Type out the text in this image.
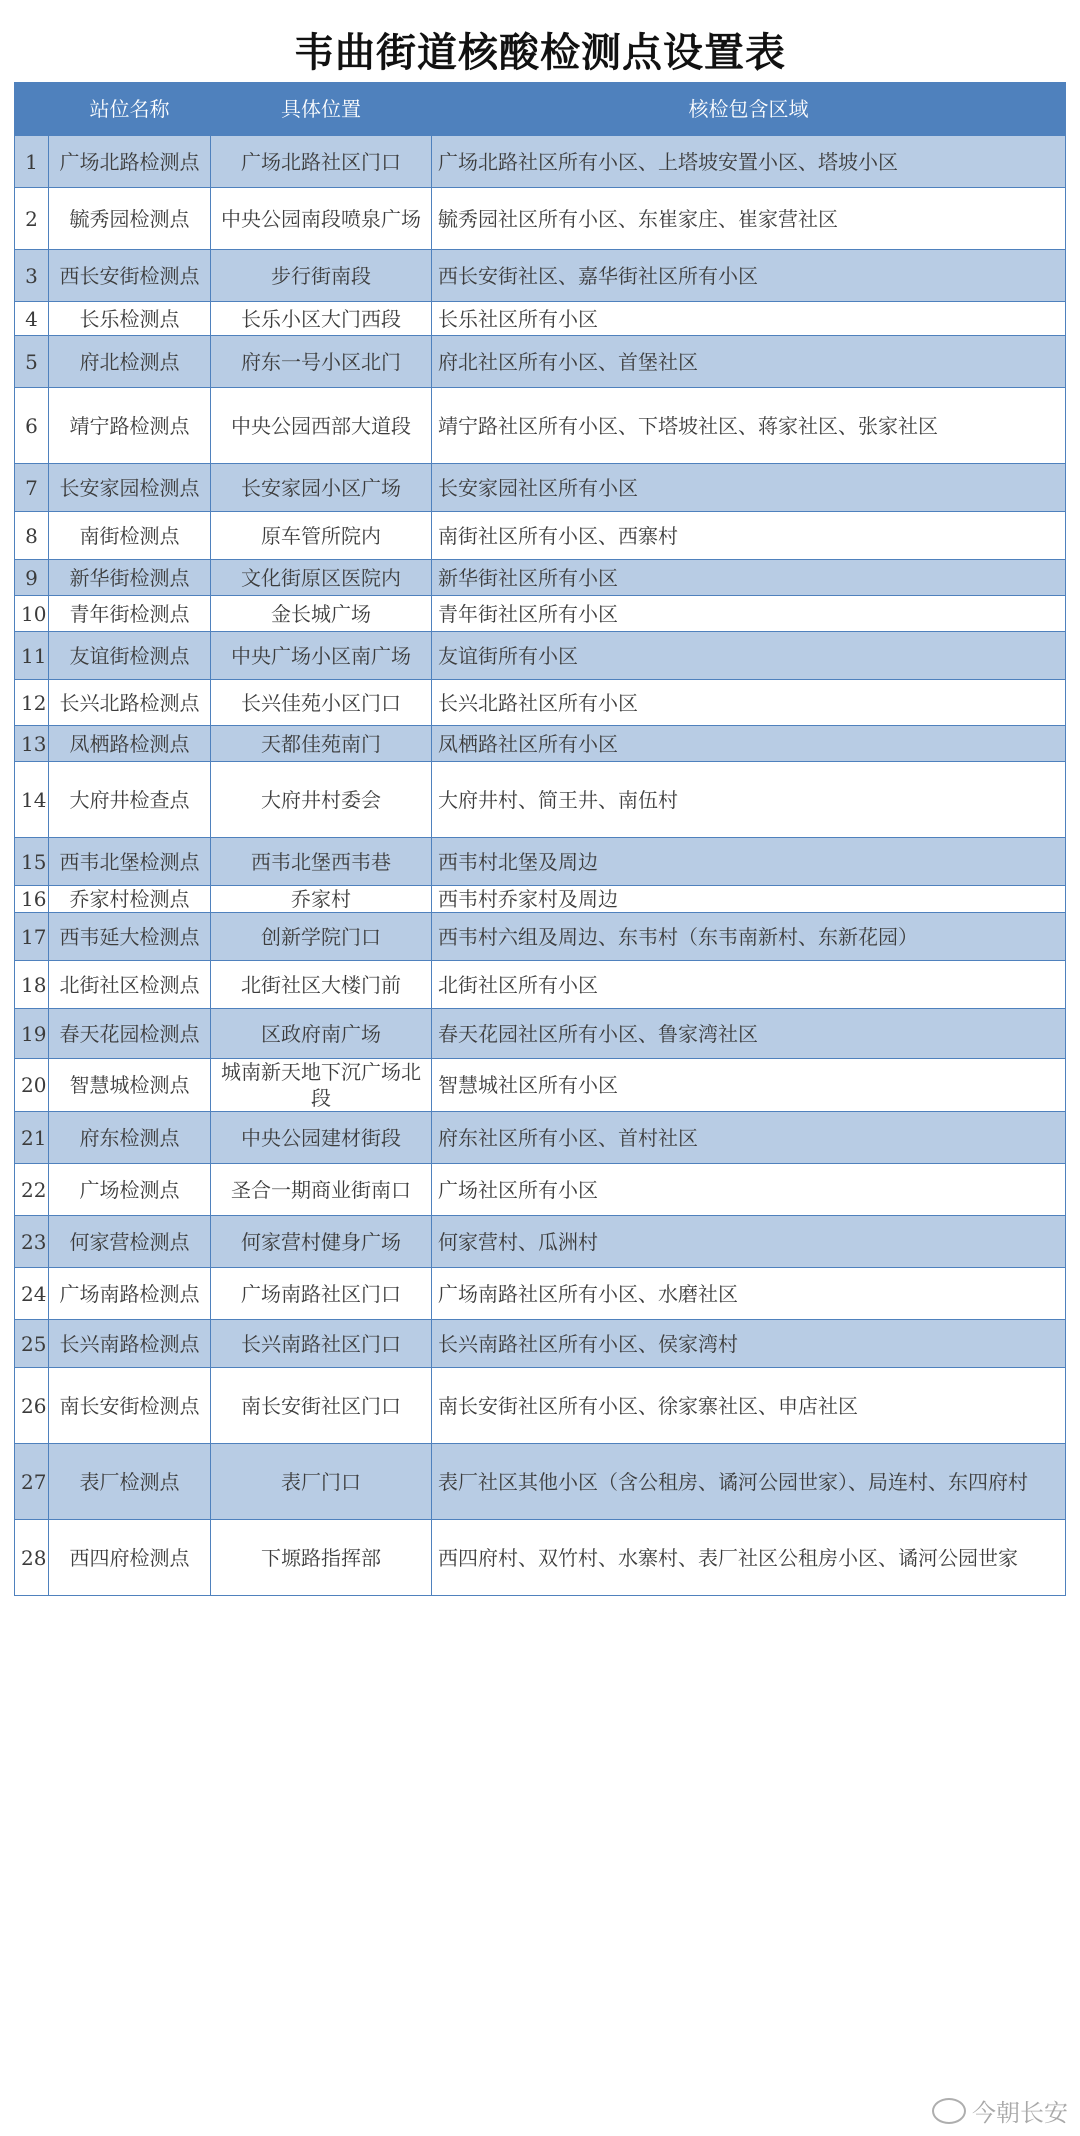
韦曲街道核酸检测点设置表
	站位名称	具体位置	核检包含区域
1	广场北路检测点	广场北路社区门口	广场北路社区所有小区、上塔坡安置小区、塔坡小区
2	毓秀园检测点	中央公园南段喷泉广场	毓秀园社区所有小区、东崔家庄、崔家营社区
3	西长安街检测点	步行街南段	西长安街社区、嘉华街社区所有小区
4	长乐检测点	长乐小区大门西段	长乐社区所有小区
5	府北检测点	府东一号小区北门	府北社区所有小区、首堡社区
6	靖宁路检测点	中央公园西部大道段	靖宁路社区所有小区、下塔坡社区、蒋家社区、张家社区
7	长安家园检测点	长安家园小区广场	长安家园社区所有小区
8	南街检测点	原车管所院内	南街社区所有小区、西寨村
9	新华街检测点	文化街原区医院内	新华街社区所有小区
10	青年街检测点	金长城广场	青年街社区所有小区
11	友谊街检测点	中央广场小区南广场	友谊街所有小区
12	长兴北路检测点	长兴佳苑小区门口	长兴北路社区所有小区
13	凤栖路检测点	天都佳苑南门	凤栖路社区所有小区
14	大府井检查点	大府井村委会	大府井村、简王井、南伍村
15	西韦北堡检测点	西韦北堡西韦巷	西韦村北堡及周边
16	乔家村检测点	乔家村	西韦村乔家村及周边
17	西韦延大检测点	创新学院门口	西韦村六组及周边、东韦村（东韦南新村、东新花园）
18	北街社区检测点	北街社区大楼门前	北街社区所有小区
19	春天花园检测点	区政府南广场	春天花园社区所有小区、鲁家湾社区
20	智慧城检测点	城南新天地下沉广场北段	智慧城社区所有小区
21	府东检测点	中央公园建材街段	府东社区所有小区、首村社区
22	广场检测点	圣合一期商业街南口	广场社区所有小区
23	何家营检测点	何家营村健身广场	何家营村、瓜洲村
24	广场南路检测点	广场南路社区门口	广场南路社区所有小区、水磨社区
25	长兴南路检测点	长兴南路社区门口	长兴南路社区所有小区、侯家湾村
26	南长安街检测点	南长安街社区门口	南长安街社区所有小区、徐家寨社区、申店社区
27	表厂检测点	表厂门口	表厂社区其他小区（含公租房、谲河公园世家）、局连村、东四府村
28	西四府检测点	下塬路指挥部	西四府村、双竹村、水寨村、表厂社区公租房小区、谲河公园世家
今朝长安
